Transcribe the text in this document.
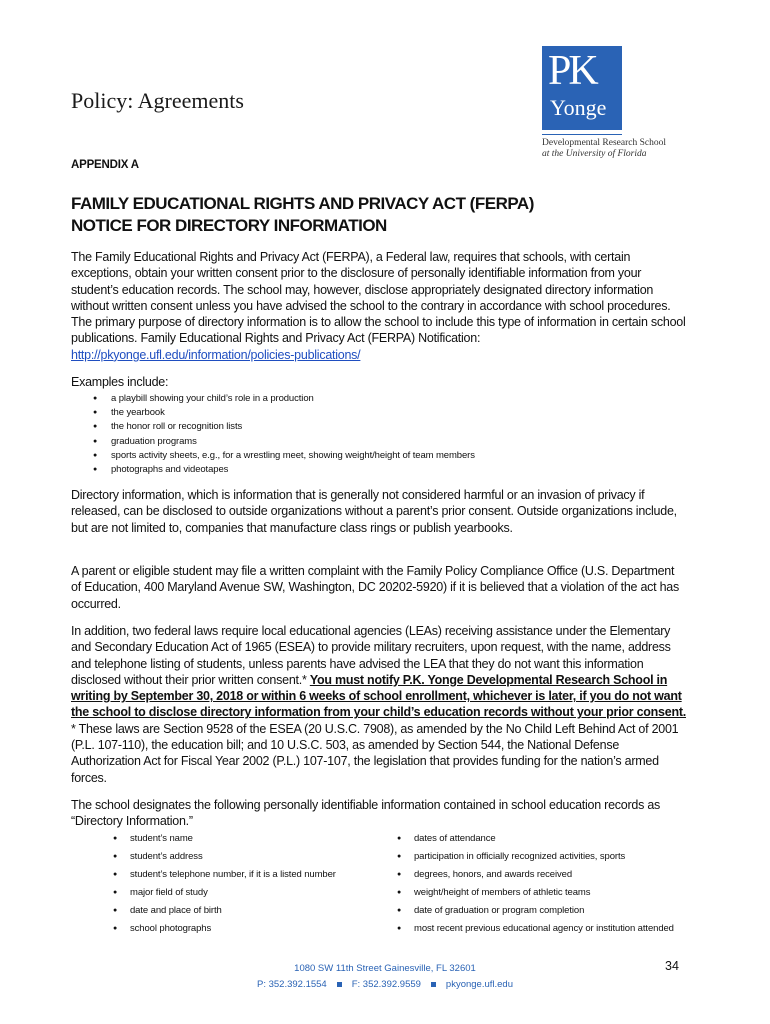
Policy: Agreements
PK
Yonge
Developmental Research School
at the University of Florida
APPENDIX A
FAMILY EDUCATIONAL RIGHTS AND PRIVACY ACT (FERPA)
NOTICE FOR DIRECTORY INFORMATION

The Family Educational Rights and Privacy Act (FERPA), a Federal law, requires that schools, with certain exceptions, obtain your written consent prior to the disclosure of personally identifiable information from your student’s education records. The school may, however, disclose appropriately designated directory information without written consent unless you have advised the school to the contrary in accordance with school procedures. The primary purpose of directory information is to allow the school to include this type of information in certain school publications. Family Educational Rights and Privacy Act (FERPA) Notification: http://pkyonge.ufl.edu/information/policies-publications/

Examples include:
● a playbill showing your child’s role in a production
● the yearbook
● the honor roll or recognition lists
● graduation programs
● sports activity sheets, e.g., for a wrestling meet, showing weight/height of team members
● photographs and videotapes

Directory information, which is information that is generally not considered harmful or an invasion of privacy if released, can be disclosed to outside organizations without a parent’s prior consent. Outside organizations include, but are not limited to, companies that manufacture class rings or publish yearbooks.

A parent or eligible student may file a written complaint with the Family Policy Compliance Office (U.S. Department of Education, 400 Maryland Avenue SW, Washington, DC 20202-5920) if it is believed that a violation of the act has occurred.

In addition, two federal laws require local educational agencies (LEAs) receiving assistance under the Elementary and Secondary Education Act of 1965 (ESEA) to provide military recruiters, upon request, with the name, address and telephone listing of students, unless parents have advised the LEA that they do not want this information disclosed without their prior written consent.* You must notify P.K. Yonge Developmental Research School in writing by September 30, 2018 or within 6 weeks of school enrollment, whichever is later, if you do not want the school to disclose directory information from your child’s education records without your prior consent. * These laws are Section 9528 of the ESEA (20 U.S.C. 7908), as amended by the No Child Left Behind Act of 2001 (P.L. 107-110), the education bill; and 10 U.S.C. 503, as amended by Section 544, the National Defense Authorization Act for Fiscal Year 2002 (P.L.) 107-107, the legislation that provides funding for the nation’s armed forces.

The school designates the following personally identifiable information contained in school education records as “Directory Information.”

● student’s name
● student’s address
● student’s telephone number, if it is a listed number
● major field of study
● date and place of birth
● school photographs
● dates of attendance
● participation in officially recognized activities, sports
● degrees, honors, and awards received
● weight/height of members of athletic teams
● date of graduation or program completion
● most recent previous educational agency or institution attended
34
1080 SW 11th Street Gainesville, FL 32601
P: 352.392.1554	F: 352.392.9559	pkyonge.ufl.edu
